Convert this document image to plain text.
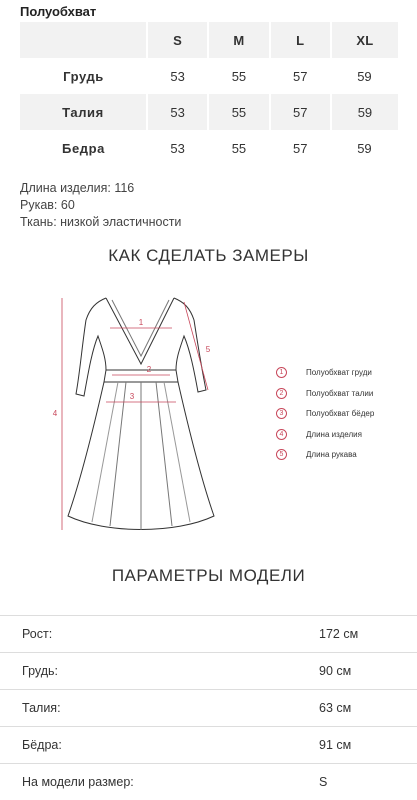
Полуобхват
	S	M	L	XL
Грудь	53	55	57	59
Талия	53	55	57	59
Бедра	53	55	57	59
Длина изделия: 116
Рукав: 60
Ткань: низкой эластичности
КАК СДЕЛАТЬ ЗАМЕРЫ
1
2
3
4
5
1	Полуобхват груди
2	Полуобхват талии
3	Полуобхват бёдер
4	Длина изделия
5	Длина рукава
ПАРАМЕТРЫ МОДЕЛИ
Рост:	172 см
Грудь:	90 см
Талия:	63 см
Бёдра:	91 см
На модели размер:	S
